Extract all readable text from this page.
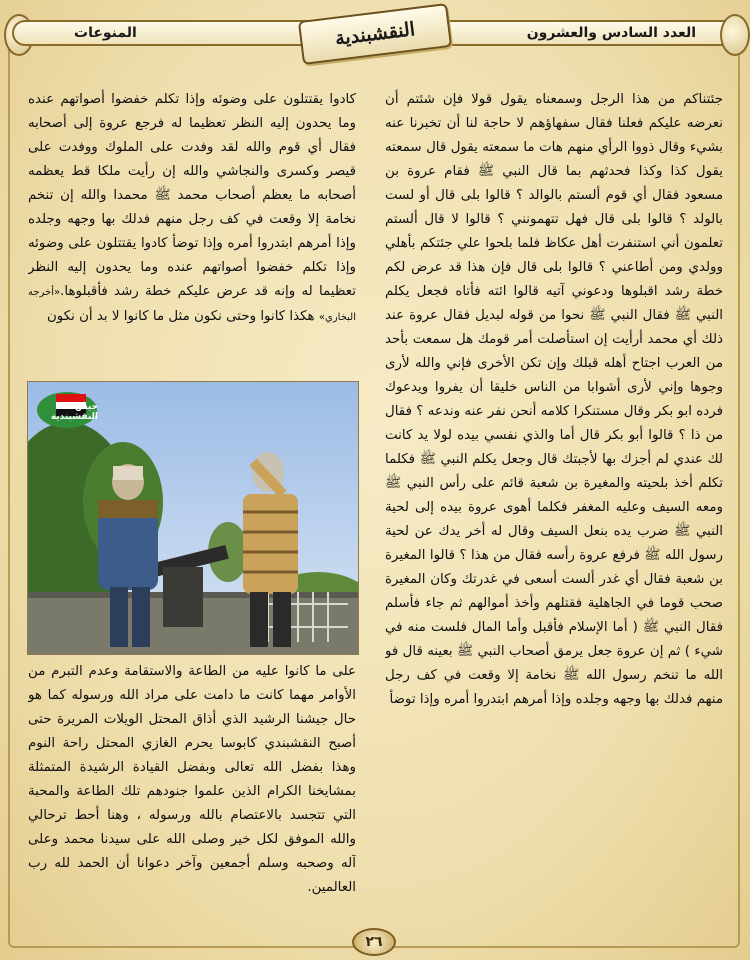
المنوعات	العدد السادس والعشرون
النقشبندية

جئتناكم من هذا الرجل وسمعناه يقول قولا فإن شئتم أن نعرضه عليكم فعلنا فقال سفهاؤهم لا حاجة لنا أن تخبرنا عنه بشيء وقال ذووا الرأي منهم هات ما سمعته يقول قال سمعته يقول كذا وكذا فحدثهم بما قال النبي ﷺ فقام عروة بن مسعود فقال أي قوم ألستم بالوالد ؟ قالوا بلى قال أو لست بالولد ؟ قالوا بلى قال فهل تتهمونني ؟ قالوا لا قال ألستم تعلمون أني استنفرت أهل عكاظ فلما بلحوا علي جئتكم بأهلي وولدي ومن أطاعني ؟ قالوا بلى قال فإن هذا قد عرض لكم خطة رشد اقبلوها ودعوني آتيه قالوا ائته فأتاه فجعل يكلم النبي ﷺ فقال النبي ﷺ نحوا من قوله لبديل فقال عروة عند ذلك أي محمد أرأيت إن استأصلت أمر قومك هل سمعت بأحد من العرب اجتاح أهله قبلك وإن تكن الأخرى فإني والله لأرى وجوها وإني لأرى أشوابا من الناس خليقا أن يفروا ويدعوك فرده ابو بكر وقال مستنكرا كلامه أنحن نفر عنه وندعه ؟ فقال من ذا ؟ قالوا أبو بكر قال أما والذي نفسي بيده لولا يد كانت لك عندي لم أجزك بها لأجبتك قال وجعل يكلم النبي ﷺ فكلما تكلم أخذ بلحيته والمغيرة بن شعبة قائم على رأس النبي ﷺ ومعه السيف وعليه المغفر فكلما أهوى عروة بيده إلى لحية النبي ﷺ ضرب يده بنعل السيف وقال له أخر يدك عن لحية رسول الله ﷺ فرفع عروة رأسه فقال من هذا ؟ قالوا المغيرة بن شعبة فقال أي غدر ألست أسعى في غدرتك وكان المغيرة صحب قوما في الجاهلية فقتلهم وأخذ أموالهم ثم جاء فأسلم فقال النبي ﷺ ( أما الإسلام فأقبل وأما المال فلست منه في شيء ) ثم إن عروة جعل يرمق أصحاب النبي ﷺ بعينه قال فو الله ما تنخم رسول الله ﷺ نخامة إلا وقعت في كف رجل منهم فدلك بها وجهه وجلده وإذا أمرهم ابتدروا أمره وإذا توضأ

كادوا يقتتلون على وضوئه وإذا تكلم خفضوا أصواتهم عنده وما يحدون إليه النظر تعظيما له فرجع عروة إلى أصحابه فقال أي قوم والله لقد وفدت على الملوك ووفدت على قيصر وكسرى والنجاشي والله إن رأيت ملكا قط يعظمه أصحابه ما يعظم أصحاب محمد ﷺ محمدا والله إن تنخم نخامة إلا وقعت في كف رجل منهم فدلك بها وجهه وجلده وإذا أمرهم ابتدروا أمره وإذا توضأ كادوا يقتتلون على وضوئه وإذا تكلم خفضوا أصواتهم عنده وما يحدون إليه النظر تعظيما له وإنه قد عرض عليكم خطة رشد فأقبلوها.«أخرجه البخاري» هكذا كانوا وحتى نكون مثل ما كانوا لا بد أن نكون

جيش النقشبندية

على ما كانوا عليه من الطاعة والاستقامة وعدم التبرم من الأوامر مهما كانت ما دامت على مراد الله ورسوله كما هو حال جيشنا الرشيد الذي أذاق المحتل الويلات المريرة حتى أصبح النقشبندي كابوسا يحرم الغازي المحتل راحة النوم وهذا بفضل الله تعالى وبفضل القيادة الرشيدة المتمثلة بمشايخنا الكرام الذين علموا جنودهم تلك الطاعة والمحبة التي تتجسد بالاعتصام بالله ورسوله ، وهنا أحط ترحالي والله الموفق لكل خير وصلى الله على سيدنا محمد وعلى آله وصحبه وسلم أجمعين وآخر دعوانا أن الحمد لله رب العالمين.

٢٦
